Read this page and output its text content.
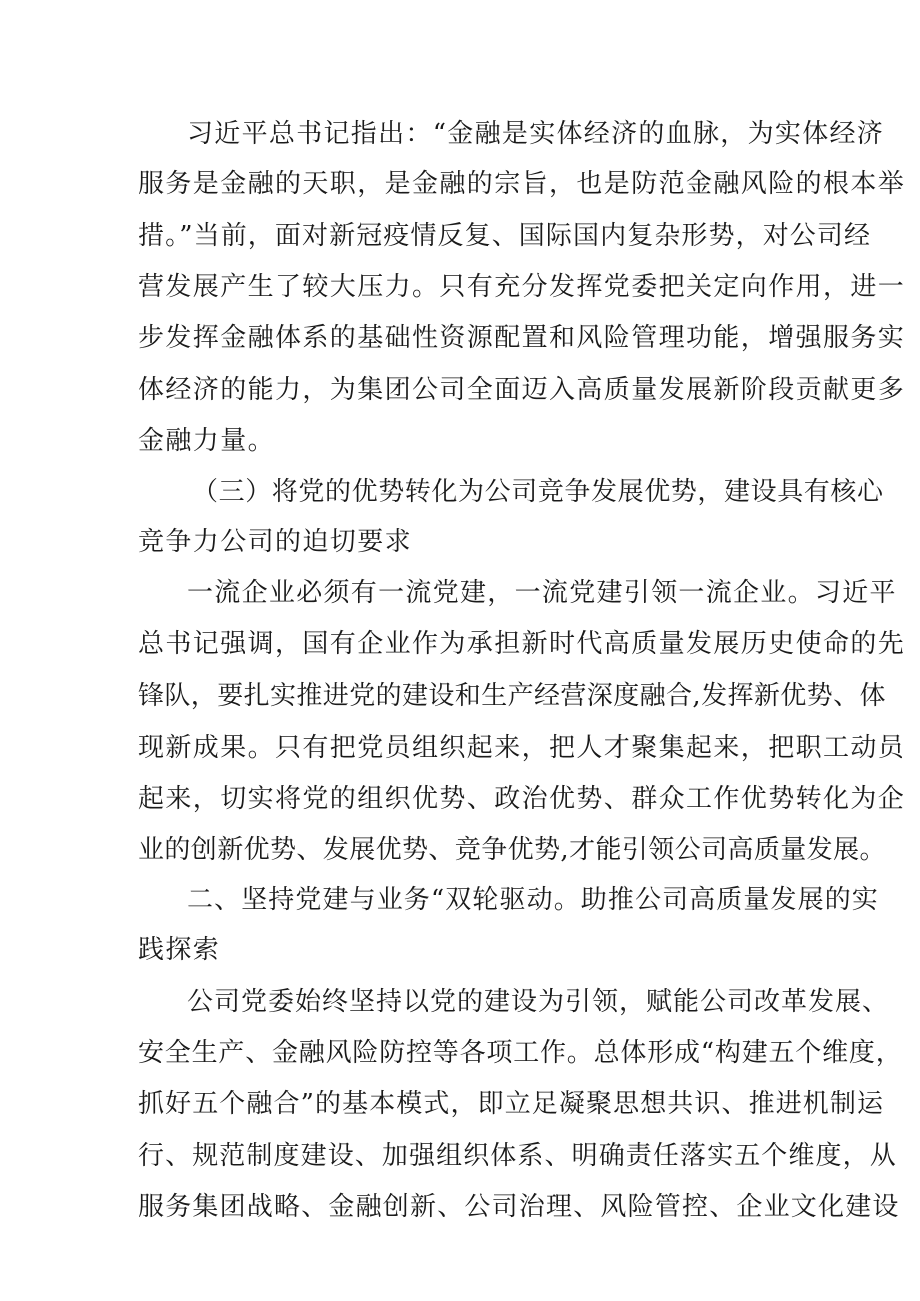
习近平总书记指出：“金融是实体经济的血脉，为实体经济
服务是金融的天职，是金融的宗旨，也是防范金融风险的根本举
措。”当前，面对新冠疫情反复、国际国内复杂形势，对公司经
营发展产生了较大压力。只有充分发挥党委把关定向作用，进一
步发挥金融体系的基础性资源配置和风险管理功能，增强服务实
体经济的能力，为集团公司全面迈入高质量发展新阶段贡献更多
金融力量。
（三）将党的优势转化为公司竞争发展优势，建设具有核心
竞争力公司的迫切要求
一流企业必须有一流党建，一流党建引领一流企业。习近平
总书记强调，国有企业作为承担新时代高质量发展历史使命的先
锋队，要扎实推进党的建设和生产经营深度融合,发挥新优势、体
现新成果。只有把党员组织起来，把人才聚集起来，把职工动员
起来，切实将党的组织优势、政治优势、群众工作优势转化为企
业的创新优势、发展优势、竞争优势,才能引领公司高质量发展。
二、坚持党建与业务“双轮驱动。助推公司高质量发展的实
践探索
公司党委始终坚持以党的建设为引领，赋能公司改革发展、
安全生产、金融风险防控等各项工作。总体形成“构建五个维度，
抓好五个融合”的基本模式，即立足凝聚思想共识、推进机制运
行、规范制度建设、加强组织体系、明确责任落实五个维度，从
服务集团战略、金融创新、公司治理、风险管控、企业文化建设
